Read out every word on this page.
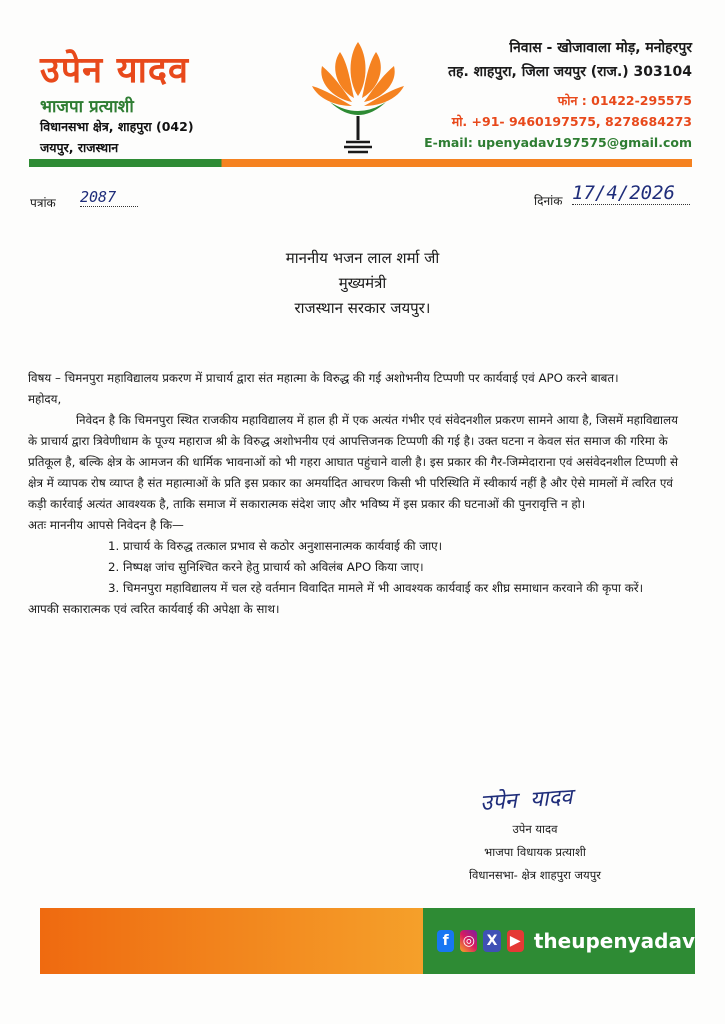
उपेन यादव
भाजपा प्रत्याशी
विधानसभा क्षेत्र, शाहपुरा (042)
जयपुर, राजस्थान
निवास - खोजावाला मोड़, मनोहरपुर
तह. शाहपुरा, जिला जयपुर (राज.) 303104
फोन : 01422-295575
मो. +91- 9460197575, 8278684273
E-mail: upenyadav197575@gmail.com
पत्रांक 2087	दिनांक 17/4/2026
माननीय भजन लाल शर्मा जी
मुख्यमंत्री
राजस्थान सरकार जयपुर।

विषय – चिमनपुरा महाविद्यालय प्रकरण में प्राचार्य द्वारा संत महात्मा के विरुद्ध की गई अशोभनीय टिप्पणी पर कार्यवाई एवं APO करने बाबत।

महोदय,

निवेदन है कि चिमनपुरा स्थित राजकीय महाविद्यालय में हाल ही में एक अत्यंत गंभीर एवं संवेदनशील प्रकरण सामने आया है, जिसमें महाविद्यालय के प्राचार्य द्वारा त्रिवेणीधाम के पूज्य महाराज श्री के विरुद्ध अशोभनीय एवं आपत्तिजनक टिप्पणी की गई है। उक्त घटना न केवल संत समाज की गरिमा के प्रतिकूल है, बल्कि क्षेत्र के आमजन की धार्मिक भावनाओं को भी गहरा आघात पहुंचाने वाली है। इस प्रकार की गैर-जिम्मेदाराना एवं असंवेदनशील टिप्पणी से क्षेत्र में व्यापक रोष व्याप्त है संत महात्माओं के प्रति इस प्रकार का अमर्यादित आचरण किसी भी परिस्थिति में स्वीकार्य नहीं है और ऐसे मामलों में त्वरित एवं कड़ी कार्रवाई अत्यंत आवश्यक है, ताकि समाज में सकारात्मक संदेश जाए और भविष्य में इस प्रकार की घटनाओं की पुनरावृत्ति न हो।

अतः माननीय आपसे निवेदन है कि—

1. प्राचार्य के विरुद्ध तत्काल प्रभाव से कठोर अनुशासनात्मक कार्यवाई की जाए।
2. निष्पक्ष जांच सुनिश्चित करने हेतु प्राचार्य को अविलंब APO किया जाए।
3. चिमनपुरा महाविद्यालय में चल रहे वर्तमान विवादित मामले में भी आवश्यक कार्यवाई कर शीघ्र समाधान करवाने की कृपा करें।

आपकी सकारात्मक एवं त्वरित कार्यवाई की अपेक्षा के साथ।

उपेन यादव
उपेन यादव
भाजपा विधायक प्रत्याशी
विधानसभा- क्षेत्र शाहपुरा जयपुर
f	◎ X ▶ theupenyadav
